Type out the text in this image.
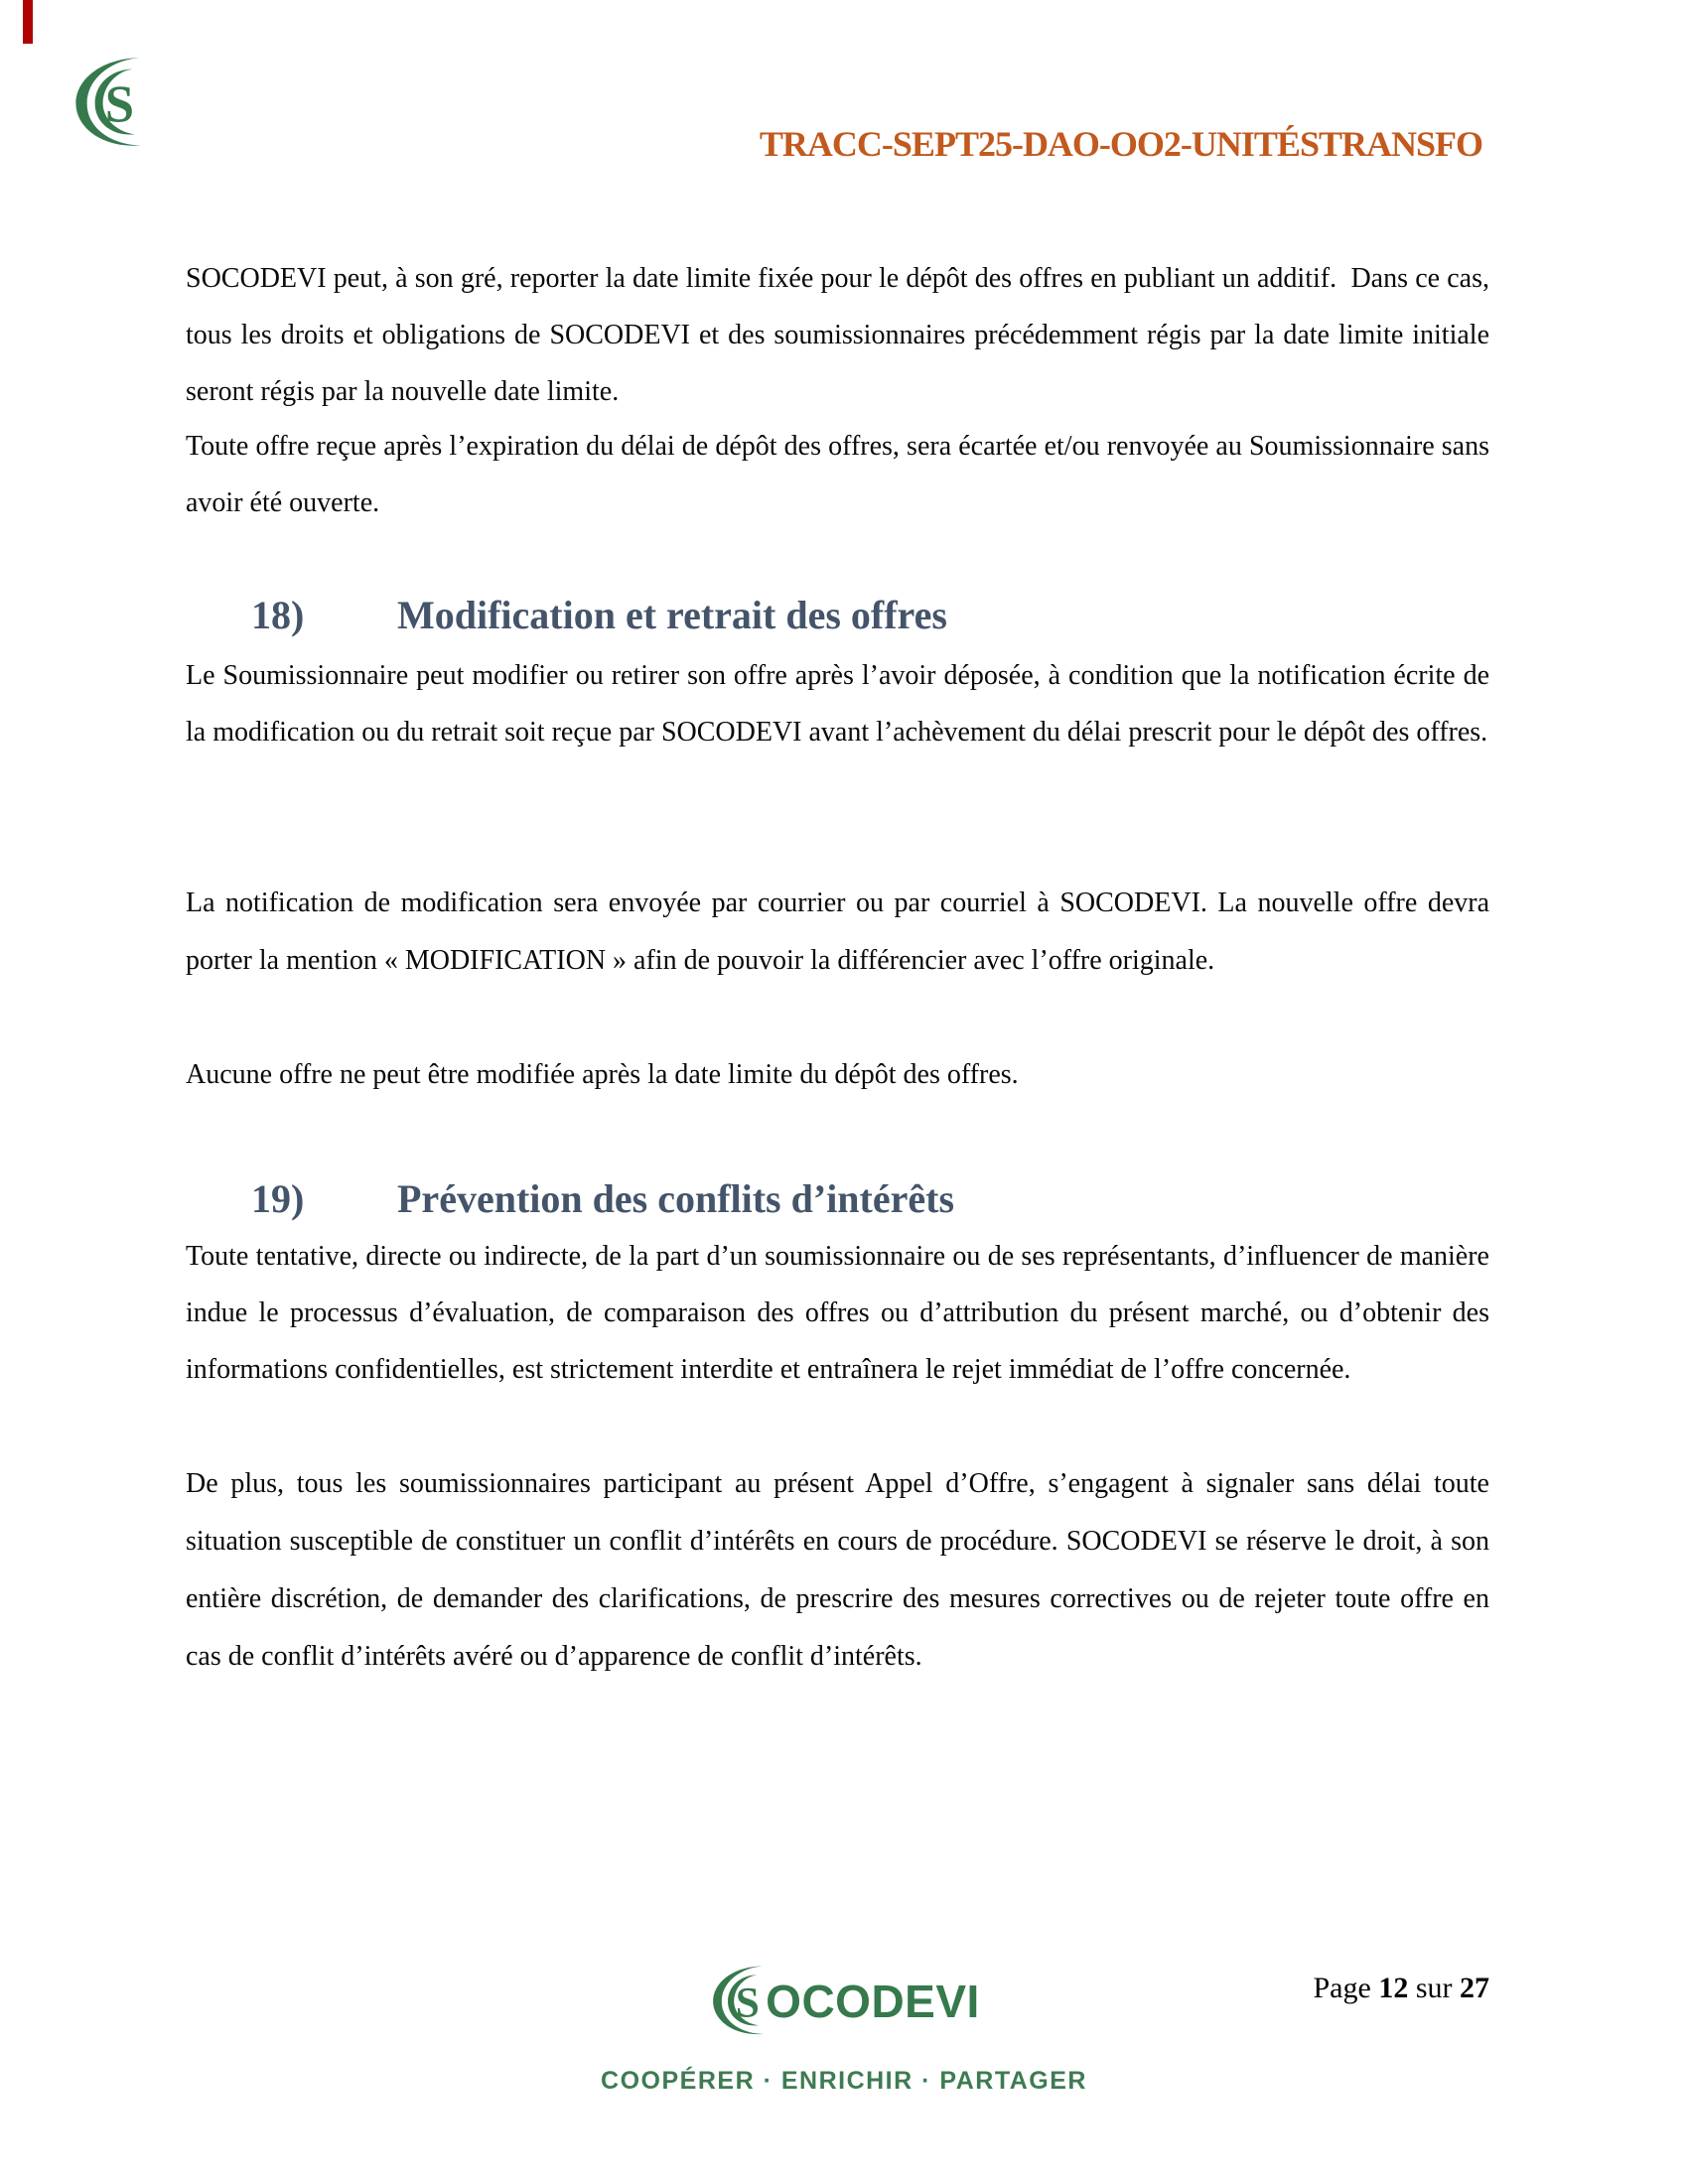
S
TRACC-SEPT25-DAO-OO2-UNITÉSTRANSFO

SOCODEVI peut, à son gré, reporter la date limite fixée pour le dépôt des offres en publiant un additif.  Dans ce cas, tous les droits et obligations de SOCODEVI et des soumissionnaires précédemment régis par la date limite initiale seront régis par la nouvelle date limite.

Toute offre reçue après l’expiration du délai de dépôt des offres, sera écartée et/ou renvoyée au Soumissionnaire sans avoir été ouverte.

18)	Modification et retrait des offres

Le Soumissionnaire peut modifier ou retirer son offre après l’avoir déposée, à condition que la notification écrite de la modification ou du retrait soit reçue par SOCODEVI avant l’achèvement du délai prescrit pour le dépôt des offres.

La notification de modification sera envoyée par courrier ou par courriel à SOCODEVI. La nouvelle offre devra porter la mention « MODIFICATION » afin de pouvoir la différencier avec l’offre originale.

Aucune offre ne peut être modifiée après la date limite du dépôt des offres.

19)	Prévention des conflits d’intérêts

Toute tentative, directe ou indirecte, de la part d’un soumissionnaire ou de ses représentants, d’influencer de manière indue le processus d’évaluation, de comparaison des offres ou d’attribution du présent marché, ou d’obtenir des informations confidentielles, est strictement interdite et entraînera le rejet immédiat de l’offre concernée.

De plus, tous les soumissionnaires participant au présent Appel d’Offre, s’engagent à signaler sans délai toute situation susceptible de constituer un conflit d’intérêts en cours de procédure. SOCODEVI se réserve le droit, à son entière discrétion, de demander des clarifications, de prescrire des mesures correctives ou de rejeter toute offre en cas de conflit d’intérêts avéré ou d’apparence de conflit d’intérêts.

S OCODEVI
COOPÉRER · ENRICHIR · PARTAGER
Page 12 sur 27
